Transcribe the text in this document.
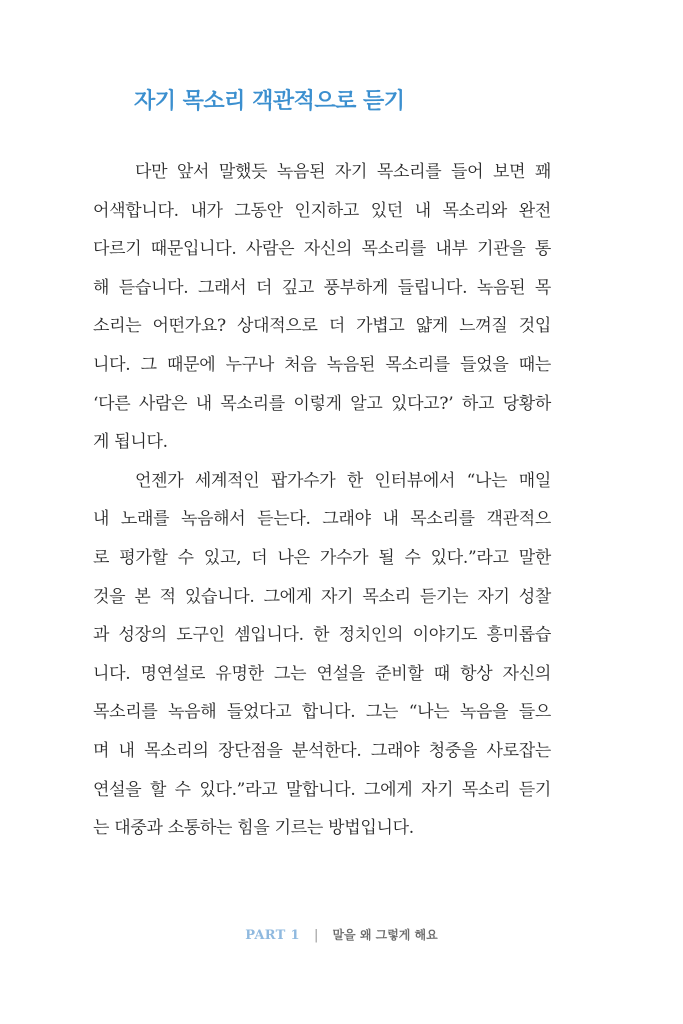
자기 목소리 객관적으로 듣기
다만 앞서 말했듯 녹음된 자기 목소리를 들어 보면 꽤
어색합니다. 내가 그동안 인지하고 있던 내 목소리와 완전
다르기 때문입니다. 사람은 자신의 목소리를 내부 기관을 통
해 듣습니다. 그래서 더 깊고 풍부하게 들립니다. 녹음된 목
소리는 어떤가요? 상대적으로 더 가볍고 얇게 느껴질 것입
니다. 그 때문에 누구나 처음 녹음된 목소리를 들었을 때는
‘다른 사람은 내 목소리를 이렇게 알고 있다고?’ 하고 당황하
게 됩니다.
언젠가 세계적인 팝가수가 한 인터뷰에서 “나는 매일
내 노래를 녹음해서 듣는다. 그래야 내 목소리를 객관적으
로 평가할 수 있고, 더 나은 가수가 될 수 있다.”라고 말한
것을 본 적 있습니다. 그에게 자기 목소리 듣기는 자기 성찰
과 성장의 도구인 셈입니다. 한 정치인의 이야기도 흥미롭습
니다. 명연설로 유명한 그는 연설을 준비할 때 항상 자신의
목소리를 녹음해 들었다고 합니다. 그는 “나는 녹음을 들으
며 내 목소리의 장단점을 분석한다. 그래야 청중을 사로잡는
연설을 할 수 있다.”라고 말합니다. 그에게 자기 목소리 듣기
는 대중과 소통하는 힘을 기르는 방법입니다.
PART 1 | 말을 왜 그렇게 해요
